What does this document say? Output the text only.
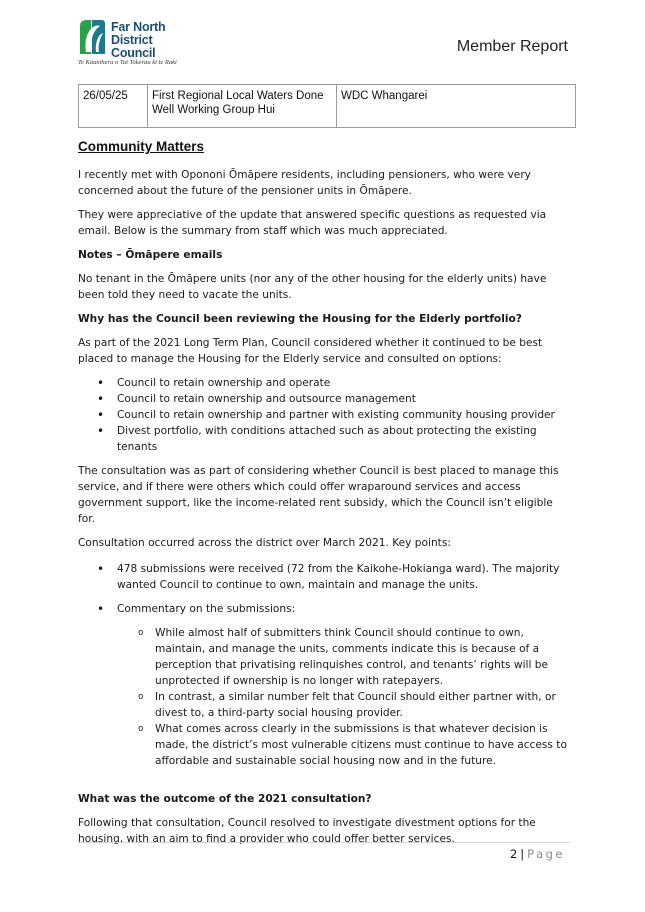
Far North
District Council
Te Kaunihera o Tai Tokerau ki te Raki
Member Report
26/05/25	First Regional Local Waters Done Well Working Group Hui	WDC Whangarei
Community Matters

I recently met with Opononi Ōmāpere residents, including pensioners, who were very concerned about the future of the pensioner units in Ōmāpere.

They were appreciative of the update that answered specific questions as requested via email. Below is the summary from staff which was much appreciated.

Notes – Ōmāpere emails

No tenant in the Ōmāpere units (nor any of the other housing for the elderly units) have been told they need to vacate the units.

Why has the Council been reviewing the Housing for the Elderly portfolio?

As part of the 2021 Long Term Plan, Council considered whether it continued to be best placed to manage the Housing for the Elderly service and consulted on options:

• Council to retain ownership and operate
• Council to retain ownership and outsource management
• Council to retain ownership and partner with existing community housing provider
• Divest portfolio, with conditions attached such as about protecting the existing tenants

The consultation was as part of considering whether Council is best placed to manage this service, and if there were others which could offer wraparound services and access government support, like the income-related rent subsidy, which the Council isn’t eligible for.

Consultation occurred across the district over March 2021. Key points:

• 478 submissions were received (72 from the Kaikohe-Hokianga ward). The majority wanted Council to continue to own, maintain and manage the units.
• Commentary on the submissions:
o While almost half of submitters think Council should continue to own, maintain, and manage the units, comments indicate this is because of a perception that privatising relinquishes control, and tenants’ rights will be unprotected if ownership is no longer with ratepayers.
o In contrast, a similar number felt that Council should either partner with, or divest to, a third-party social housing provider.
o What comes across clearly in the submissions is that whatever decision is made, the district’s most vulnerable citizens must continue to have access to affordable and sustainable social housing now and in the future.

What was the outcome of the 2021 consultation?

Following that consultation, Council resolved to investigate divestment options for the housing, with an aim to find a provider who could offer better services.

2 | Page
